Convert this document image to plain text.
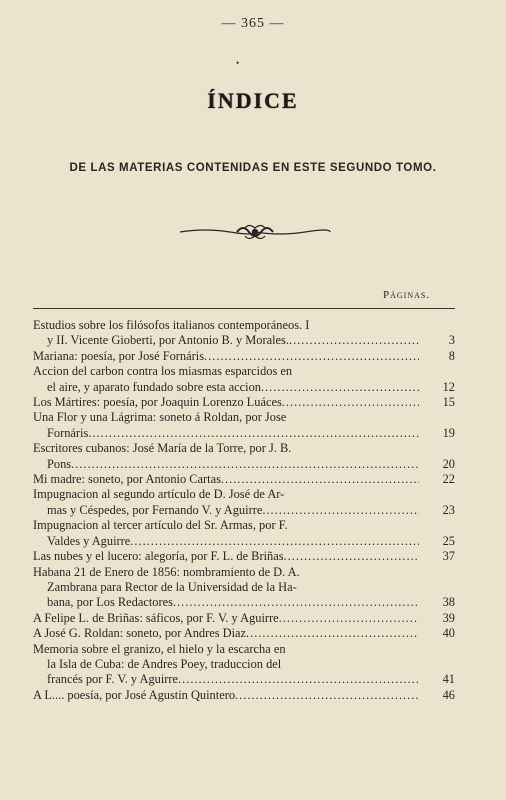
— 365 —
•
ÍNDICE
DE LAS MATERIAS CONTENIDAS EN ESTE SEGUNDO TOMO.
Páginas.
Estudios sobre los filósofos italianos contemporáneos. I
y II. Vicente Gioberti, por Antonio B. y Morales. .....	3
Mariana: poesía, por José Fornáris .....	8
Accion del carbon contra los miasmas esparcidos en
el aire, y aparato fundado sobre esta accion .....	12
Los Mártires: poesía, por Joaquin Lorenzo Luáces .....	15
Una Flor y una Lágrima: soneto á Roldan, por Jose
Fornáris .....	19
Escritores cubanos: José María de la Torre, por J. B.
Pons .....	20
Mi madre: soneto, por Antonio Cartas .....	22
Impugnacion al segundo artículo de D. José de Ar-
mas y Céspedes, por Fernando V. y Aguirre .....	23
Impugnacion al tercer artículo del Sr. Armas, por F.
Valdes y Aguirre .....	25
Las nubes y el lucero: alegoría, por F. L. de Briñas .....	37
Habana 21 de Enero de 1856: nombramiento de D. A.
Zambrana para Rector de la Universidad de la Ha-
bana, por Los Redactores .....	38
A Felipe L. de Briñas: sáficos, por F. V. y Aguirre .....	39
A José G. Roldan: soneto, por Andres Diaz .....	40
Memoria sobre el granizo, el hielo y la escarcha en
la Isla de Cuba: de Andres Poey, traduccion del
francés por F. V. y Aguirre .....	41
A L.... poesía, por José Agustin Quintero .....	46
